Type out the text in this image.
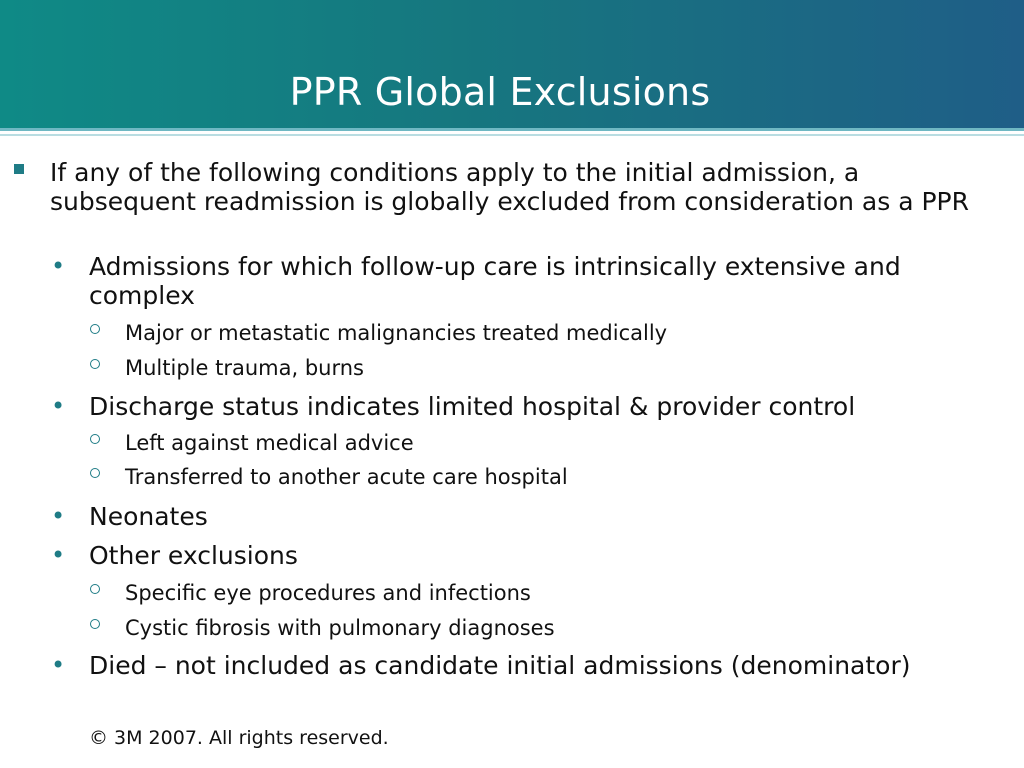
PPR Global Exclusions
If any of the following conditions apply to the initial admission, a subsequent readmission is globally excluded from consideration as a PPR
• Admissions for which follow-up care is intrinsically extensive and complex
Major or metastatic malignancies treated medically
Multiple trauma, burns
• Discharge status indicates limited hospital & provider control
Left against medical advice
Transferred to another acute care hospital
• Neonates
• Other exclusions
Specific eye procedures and infections
Cystic fibrosis with pulmonary diagnoses
• Died – not included as candidate initial admissions (denominator)
© 3M 2007. All rights reserved.
